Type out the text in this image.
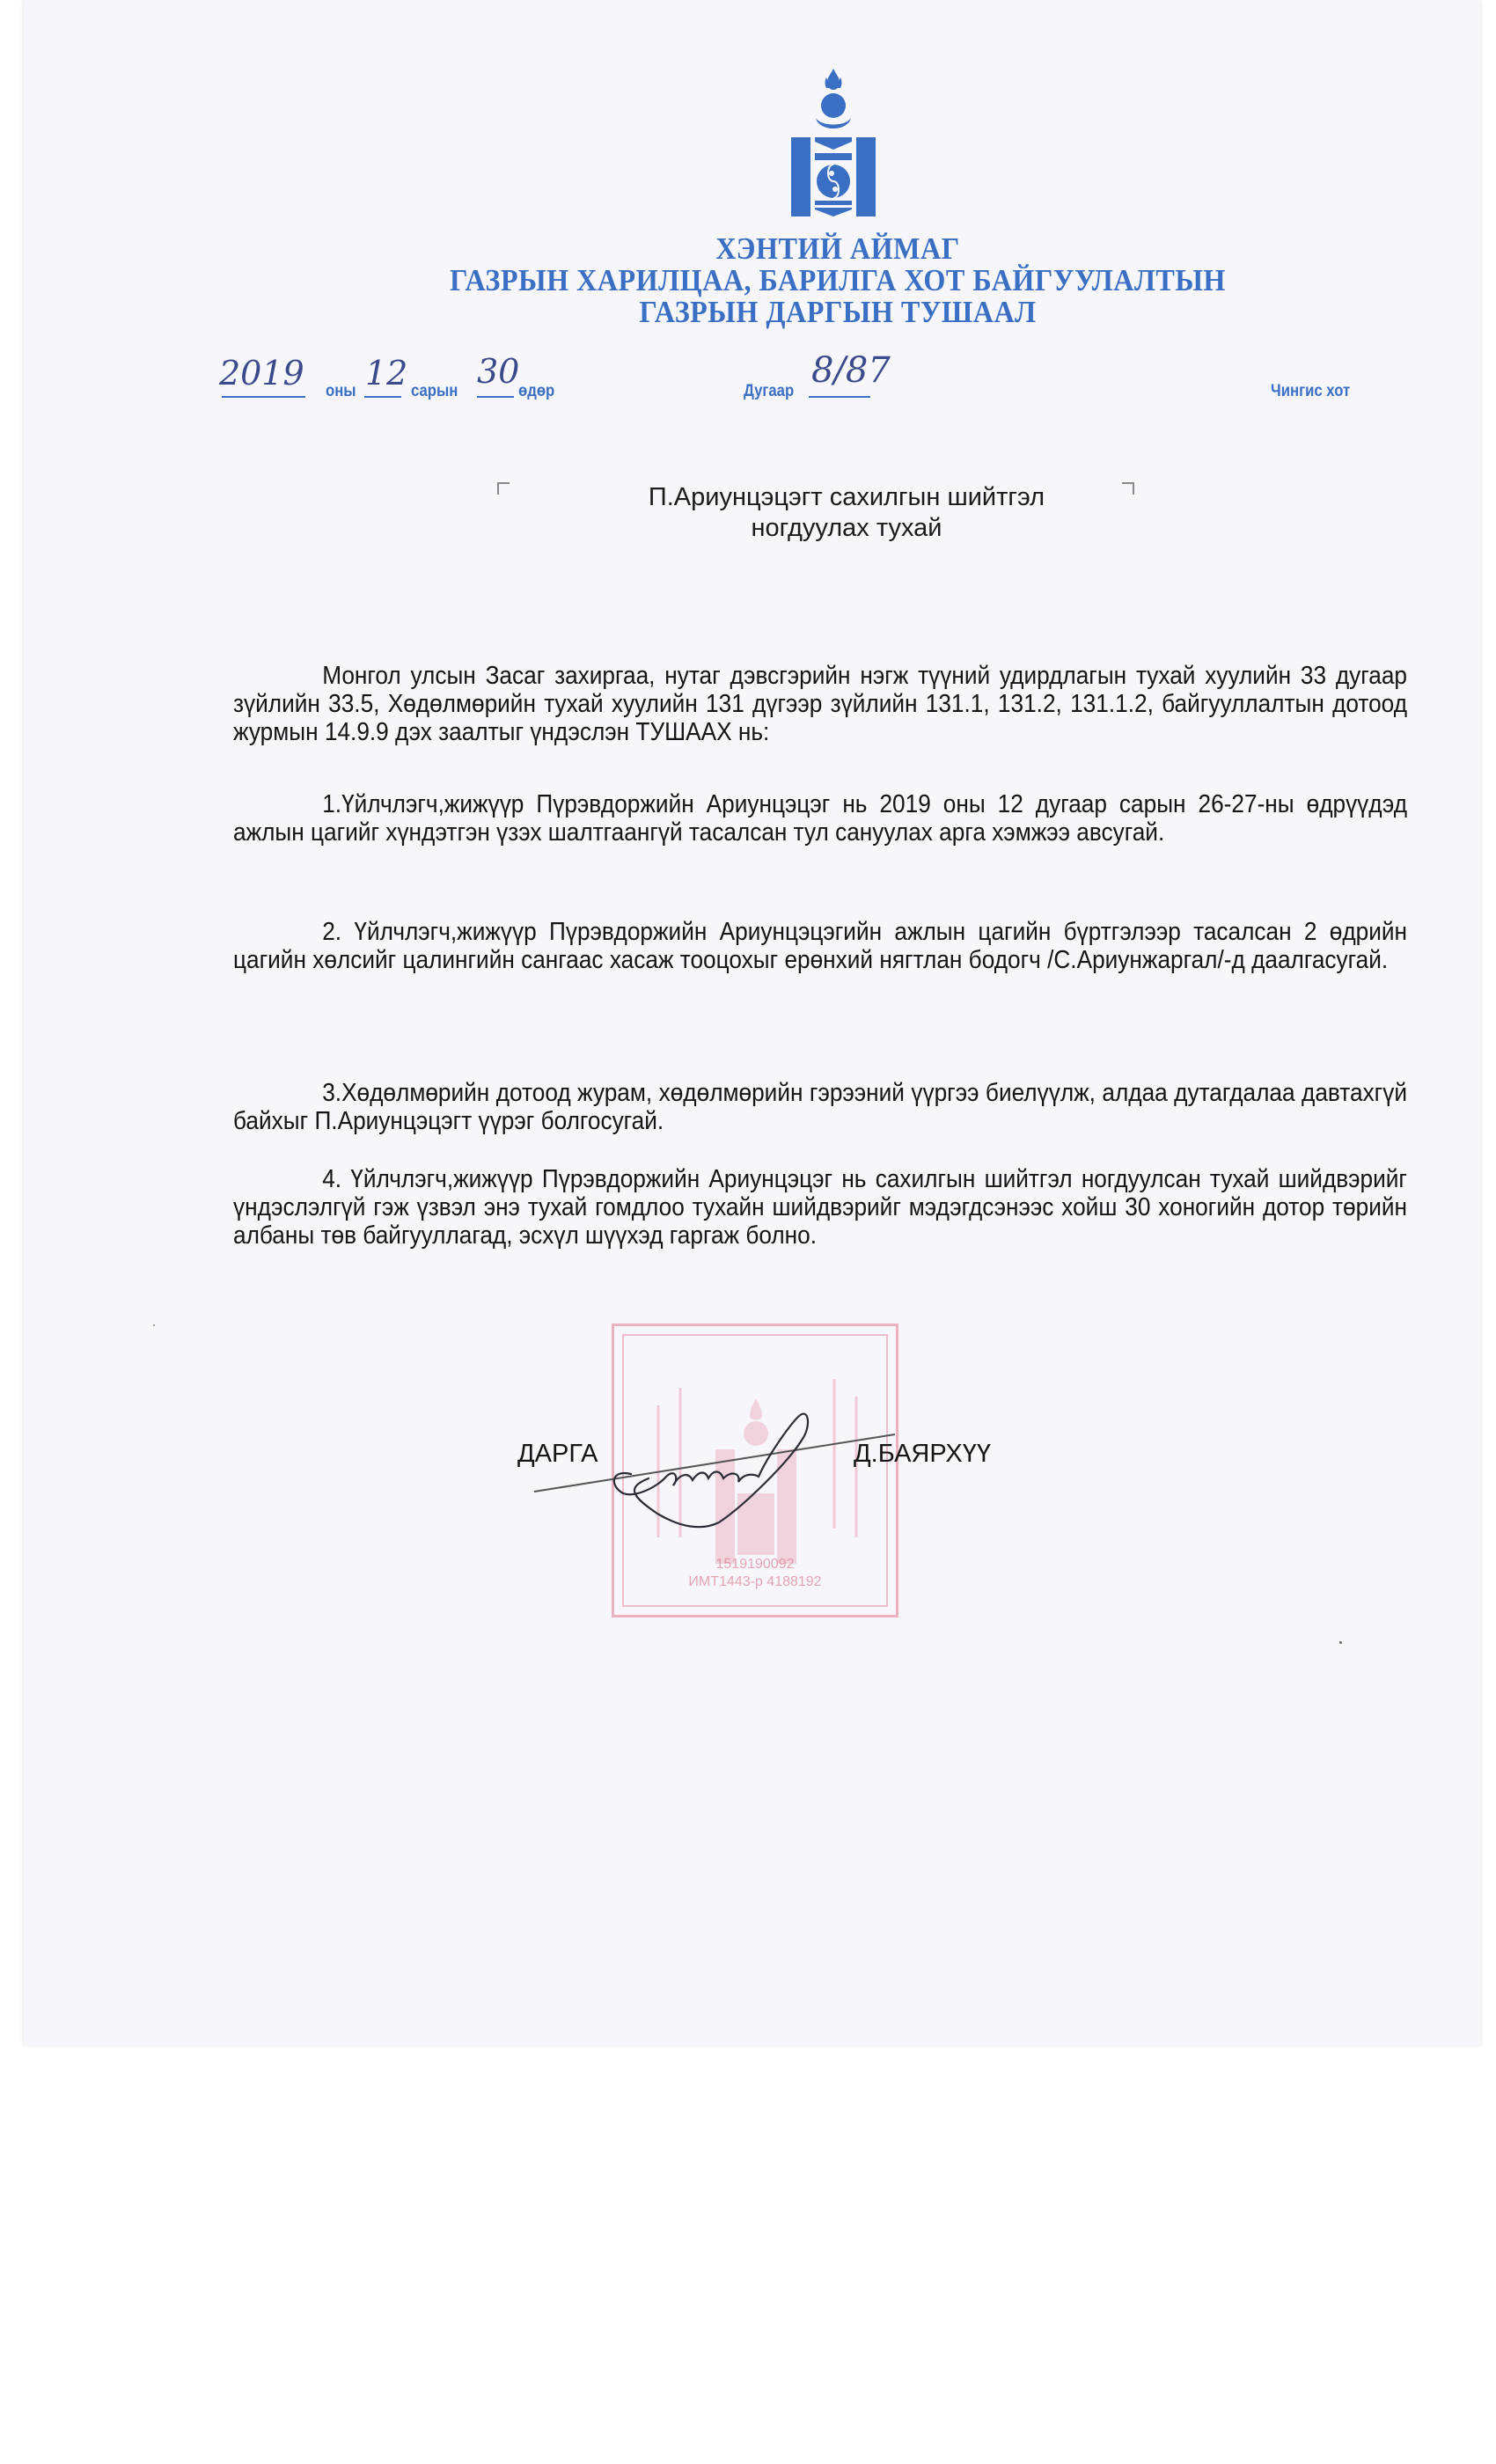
ХЭНТИЙ АЙМАГ
ГАЗРЫН ХАРИЛЦАА, БАРИЛГА ХОТ БАЙГУУЛАЛТЫН
ГАЗРЫН ДАРГЫН ТУШААЛ
2019 оны 12 сарын
30
өдөр	Дугаар
8/87
Чингис хот
П.Ариунцэцэгт сахилгын шийтгэл
ногдуулах тухай
Монгол улсын Засаг захиргаа, нутаг дэвсгэрийн нэгж түүний удирдлагын тухай хуулийн 33 дугаар зүйлийн 33.5, Хөдөлмөрийн тухай хуулийн 131 дүгээр зүйлийн 131.1, 131.2, 131.1.2, байгууллалтын дотоод журмын 14.9.9 дэх заалтыг үндэслэн ТУШААХ нь:
1.Үйлчлэгч,жижүүр Пүрэвдоржийн Ариунцэцэг нь 2019 оны 12 дугаар сарын 26-27-ны өдрүүдэд ажлын цагийг хүндэтгэн үзэх шалтгаангүй тасалсан тул сануулах арга хэмжээ авсугай.
2. Үйлчлэгч,жижүүр Пүрэвдоржийн Ариунцэцэгийн ажлын цагийн бүртгэлээр тасалсан 2 өдрийн цагийн хөлсийг цалингийн сангаас хасаж тооцохыг ерөнхий нягтлан бодогч /С.Ариунжаргал/-д даалгасугай.
3.Хөдөлмөрийн дотоод журам, хөдөлмөрийн гэрээний үүргээ биелүүлж, алдаа дутагдалаа давтахгүй байхыг П.Ариунцэцэгт үүрэг болгосугай.
4. Үйлчлэгч,жижүүр Пүрэвдоржийн Ариунцэцэг нь сахилгын шийтгэл ногдуулсан тухай шийдвэрийг үндэслэлгүй гэж үзвэл энэ тухай гомдлоо тухайн шийдвэрийг мэдэгдсэнээс хойш 30 хоногийн дотор төрийн албаны төв байгууллагад, эсхүл шүүхэд гаргаж болно.
1519190092
ИМТ1443-р 4188192
ДАРГА	Д.БАЯРХҮҮ
